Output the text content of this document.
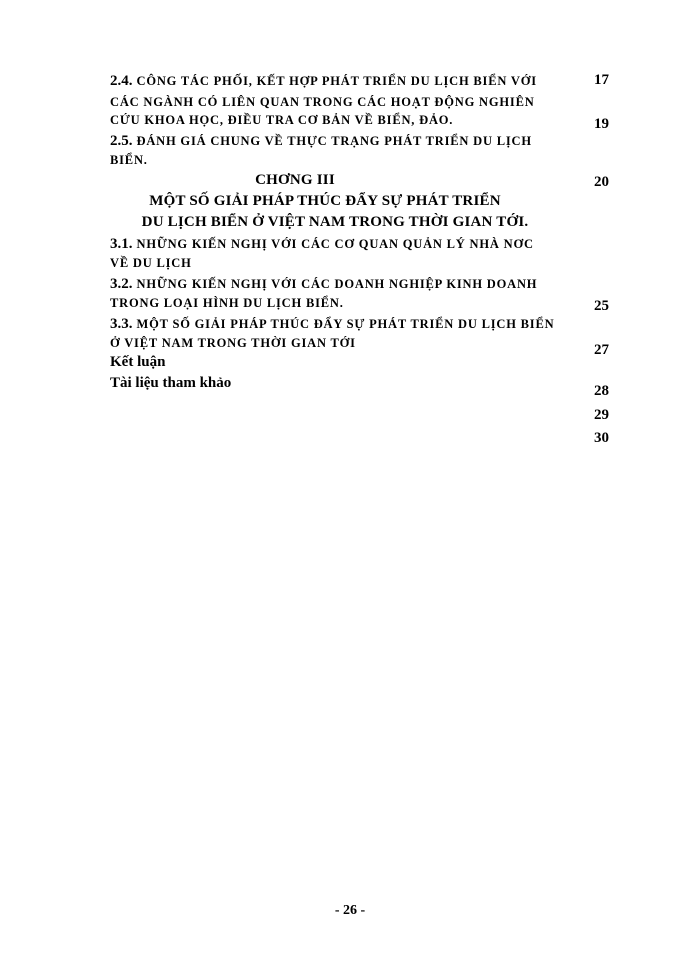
2.4. CÔNG TÁC PHỐI, KẾT HỢP PHÁT TRIỂN DU LỊCH BIỂN VỚI
CÁC NGÀNH CÓ LIÊN QUAN TRONG CÁC HOẠT ĐỘNG NGHIÊN
CỨU KHOA HỌC, ĐIỀU TRA CƠ BẢN VỀ BIỂN, ĐẢO.
2.5. ĐÁNH GIÁ CHUNG VỀ THỰC TRẠNG PHÁT TRIỂN DU LỊCH
BIỂN.
CHƠNG III
MỘT SỐ GIẢI PHÁP THÚC ĐẨY SỰ PHÁT TRIỂN
DU LỊCH BIỂN Ở VIỆT NAM TRONG THỜI GIAN TỚI.
3.1. NHỮNG KIẾN NGHỊ VỚI CÁC CƠ QUAN QUẢN LÝ NHÀ NƠC
VỀ DU LỊCH
3.2. NHỮNG KIẾN NGHỊ VỚI CÁC DOANH NGHIỆP KINH DOANH
TRONG LOẠI HÌNH DU LỊCH BIỂN.
3.3. MỘT SỐ GIẢI PHÁP THÚC ĐẨY SỰ PHÁT TRIỂN DU LỊCH BIỂN
Ở VIỆT NAM TRONG THỜI GIAN TỚI
Kết luận
Tài liệu tham khảo
17
19
20
25
27
28
29
30
- 26 -
